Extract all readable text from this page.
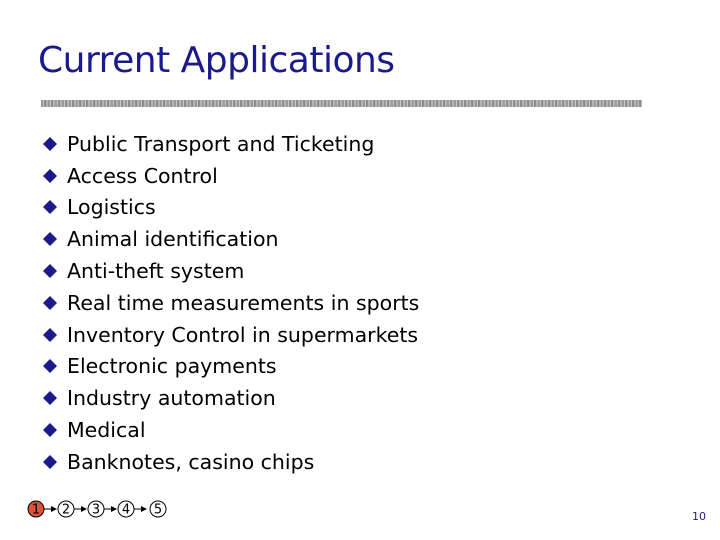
Current Applications
Public Transport and Ticketing
Access Control
Logistics
Animal identification
Anti-theft system
Real time measurements in sports
Inventory Control in supermarkets
Electronic payments
Industry automation
Medical
Banknotes, casino chips
1 2 3 4 5	10
